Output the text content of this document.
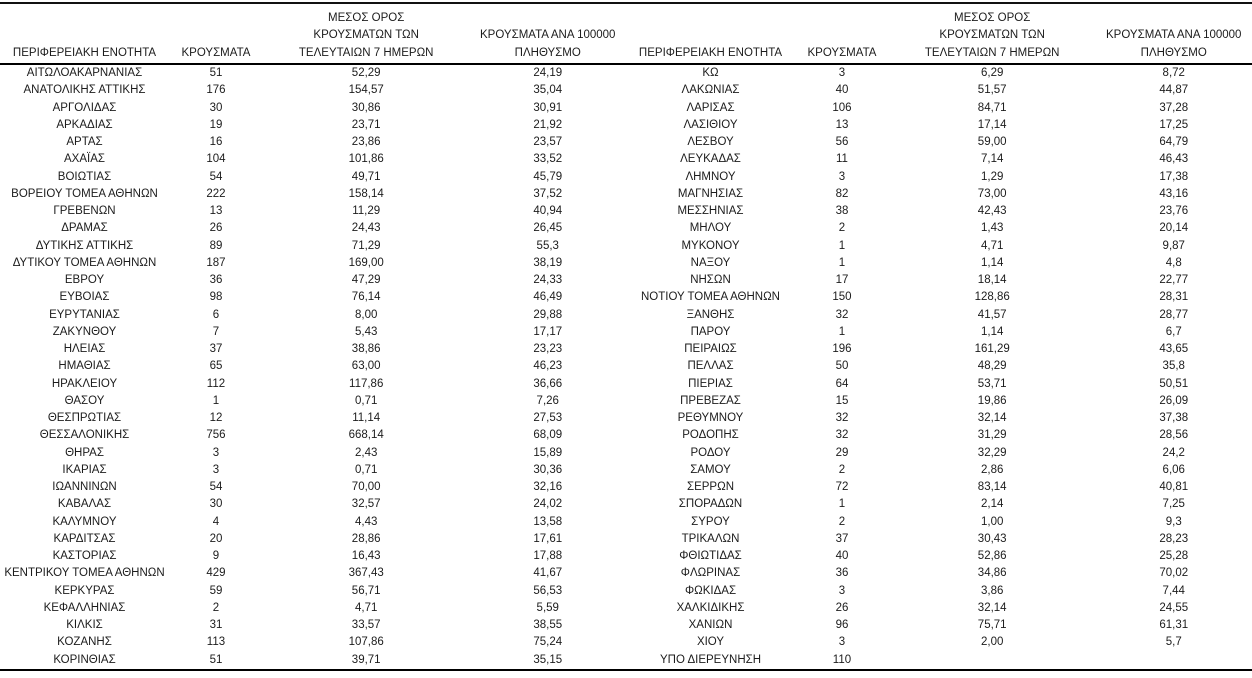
ΠΕΡΙΦΕΡΕΙΑΚΗ ΕΝΟΤΗΤΑ	ΚΡΟΥΣΜΑΤΑ	ΜΕΣΟΣ ΟΡΟΣ
ΚΡΟΥΣΜΑΤΩΝ ΤΩΝ
ΤΕΛΕΥΤΑΙΩΝ 7 ΗΜΕΡΩΝ	ΚΡΟΥΣΜΑΤΑ ΑΝΑ 100000
ΠΛΗΘΥΣΜΟ

ΑΙΤΩΛΟΑΚΑΡΝΑΝΙΑΣ	51	52,29	24,19
ΑΝΑΤΟΛΙΚΗΣ ΑΤΤΙΚΗΣ	176	154,57	35,04
ΑΡΓΟΛΙΔΑΣ	30	30,86	30,91
ΑΡΚΑΔΙΑΣ	19	23,71	21,92
ΑΡΤΑΣ	16	23,86	23,57
ΑΧΑΪΑΣ	104	101,86	33,52
ΒΟΙΩΤΙΑΣ	54	49,71	45,79
ΒΟΡΕΙΟΥ ΤΟΜΕΑ ΑΘΗΝΩΝ	222	158,14	37,52
ΓΡΕΒΕΝΩΝ	13	11,29	40,94
ΔΡΑΜΑΣ	26	24,43	26,45
ΔΥΤΙΚΗΣ ΑΤΤΙΚΗΣ	89	71,29	55,3
ΔΥΤΙΚΟΥ ΤΟΜΕΑ ΑΘΗΝΩΝ	187	169,00	38,19
ΕΒΡΟΥ	36	47,29	24,33
ΕΥΒΟΙΑΣ	98	76,14	46,49
ΕΥΡΥΤΑΝΙΑΣ	6	8,00	29,88
ΖΑΚΥΝΘΟΥ	7	5,43	17,17
ΗΛΕΙΑΣ	37	38,86	23,23
ΗΜΑΘΙΑΣ	65	63,00	46,23
ΗΡΑΚΛΕΙΟΥ	112	117,86	36,66
ΘΑΣΟΥ	1	0,71	7,26
ΘΕΣΠΡΩΤΙΑΣ	12	11,14	27,53
ΘΕΣΣΑΛΟΝΙΚΗΣ	756	668,14	68,09
ΘΗΡΑΣ	3	2,43	15,89
ΙΚΑΡΙΑΣ	3	0,71	30,36
ΙΩΑΝΝΙΝΩΝ	54	70,00	32,16
ΚΑΒΑΛΑΣ	30	32,57	24,02
ΚΑΛΥΜΝΟΥ	4	4,43	13,58
ΚΑΡΔΙΤΣΑΣ	20	28,86	17,61
ΚΑΣΤΟΡΙΑΣ	9	16,43	17,88
ΚΕΝΤΡΙΚΟΥ ΤΟΜΕΑ ΑΘΗΝΩΝ	429	367,43	41,67
ΚΕΡΚΥΡΑΣ	59	56,71	56,53
ΚΕΦΑΛΛΗΝΙΑΣ	2	4,71	5,59
ΚΙΛΚΙΣ	31	33,57	38,55
ΚΟΖΑΝΗΣ	113	107,86	75,24
ΚΟΡΙΝΘΙΑΣ	51	39,71	35,15
ΠΕΡΙΦΕΡΕΙΑΚΗ ΕΝΟΤΗΤΑ	ΚΡΟΥΣΜΑΤΑ	ΜΕΣΟΣ ΟΡΟΣ
ΚΡΟΥΣΜΑΤΩΝ ΤΩΝ
ΤΕΛΕΥΤΑΙΩΝ 7 ΗΜΕΡΩΝ	ΚΡΟΥΣΜΑΤΑ ΑΝΑ 100000
ΠΛΗΘΥΣΜΟ

ΚΩ	3	6,29	8,72
ΛΑΚΩΝΙΑΣ	40	51,57	44,87
ΛΑΡΙΣΑΣ	106	84,71	37,28
ΛΑΣΙΘΙΟΥ	13	17,14	17,25
ΛΕΣΒΟΥ	56	59,00	64,79
ΛΕΥΚΑΔΑΣ	11	7,14	46,43
ΛΗΜΝΟΥ	3	1,29	17,38
ΜΑΓΝΗΣΙΑΣ	82	73,00	43,16
ΜΕΣΣΗΝΙΑΣ	38	42,43	23,76
ΜΗΛΟΥ	2	1,43	20,14
ΜΥΚΟΝΟΥ	1	4,71	9,87
ΝΑΞΟΥ	1	1,14	4,8
ΝΗΣΩΝ	17	18,14	22,77
ΝΟΤΙΟΥ ΤΟΜΕΑ ΑΘΗΝΩΝ	150	128,86	28,31
ΞΑΝΘΗΣ	32	41,57	28,77
ΠΑΡΟΥ	1	1,14	6,7
ΠΕΙΡΑΙΩΣ	196	161,29	43,65
ΠΕΛΛΑΣ	50	48,29	35,8
ΠΙΕΡΙΑΣ	64	53,71	50,51
ΠΡΕΒΕΖΑΣ	15	19,86	26,09
ΡΕΘΥΜΝΟΥ	32	32,14	37,38
ΡΟΔΟΠΗΣ	32	31,29	28,56
ΡΟΔΟΥ	29	32,29	24,2
ΣΑΜΟΥ	2	2,86	6,06
ΣΕΡΡΩΝ	72	83,14	40,81
ΣΠΟΡΑΔΩΝ	1	2,14	7,25
ΣΥΡΟΥ	2	1,00	9,3
ΤΡΙΚΑΛΩΝ	37	30,43	28,23
ΦΘΙΩΤΙΔΑΣ	40	52,86	25,28
ΦΛΩΡΙΝΑΣ	36	34,86	70,02
ΦΩΚΙΔΑΣ	3	3,86	7,44
ΧΑΛΚΙΔΙΚΗΣ	26	32,14	24,55
ΧΑΝΙΩΝ	96	75,71	61,31
ΧΙΟΥ	3	2,00	5,7
ΥΠΟ ΔΙΕΡΕΥΝΗΣΗ	110		
